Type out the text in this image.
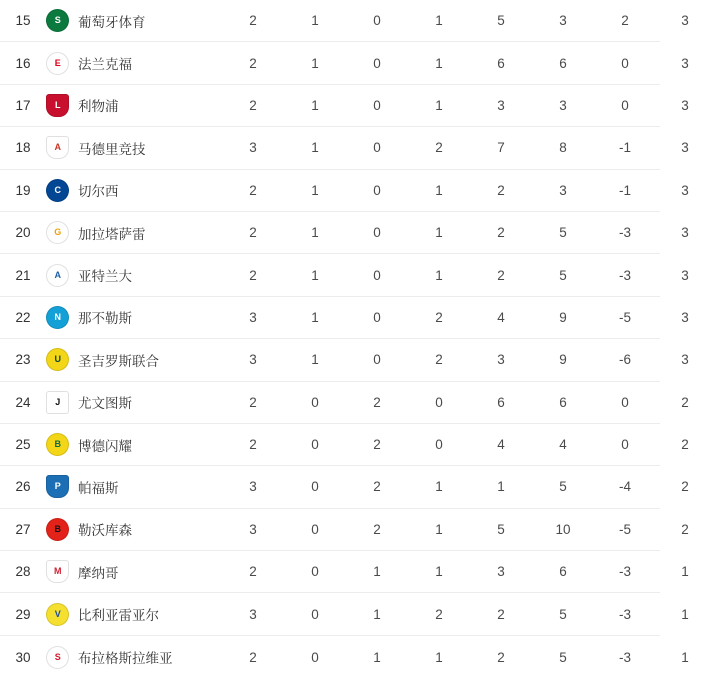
15	S 葡萄牙体育	2	1	0	1	5	3	2	3
16	E 法兰克福	2	1	0	1	6	6	0	3
17	L 利物浦	2	1	0	1	3	3	0	3
18	A 马德里竞技	3	1	0	2	7	8	-1	3
19	C 切尔西	2	1	0	1	2	3	-1	3
20	G 加拉塔萨雷	2	1	0	1	2	5	-3	3
21	A 亚特兰大	2	1	0	1	2	5	-3	3
22	N 那不勒斯	3	1	0	2	4	9	-5	3
23	U 圣吉罗斯联合	3	1	0	2	3	9	-6	3
24	J 尤文图斯	2	0	2	0	6	6	0	2
25	B 博德闪耀	2	0	2	0	4	4	0	2
26	P 帕福斯	3	0	2	1	1	5	-4	2
27	B 勒沃库森	3	0	2	1	5	10	-5	2
28	M 摩纳哥	2	0	1	1	3	6	-3	1
29	V 比利亚雷亚尔	3	0	1	2	2	5	-3	1
30	S 布拉格斯拉维亚	2	0	1	1	2	5	-3	1
